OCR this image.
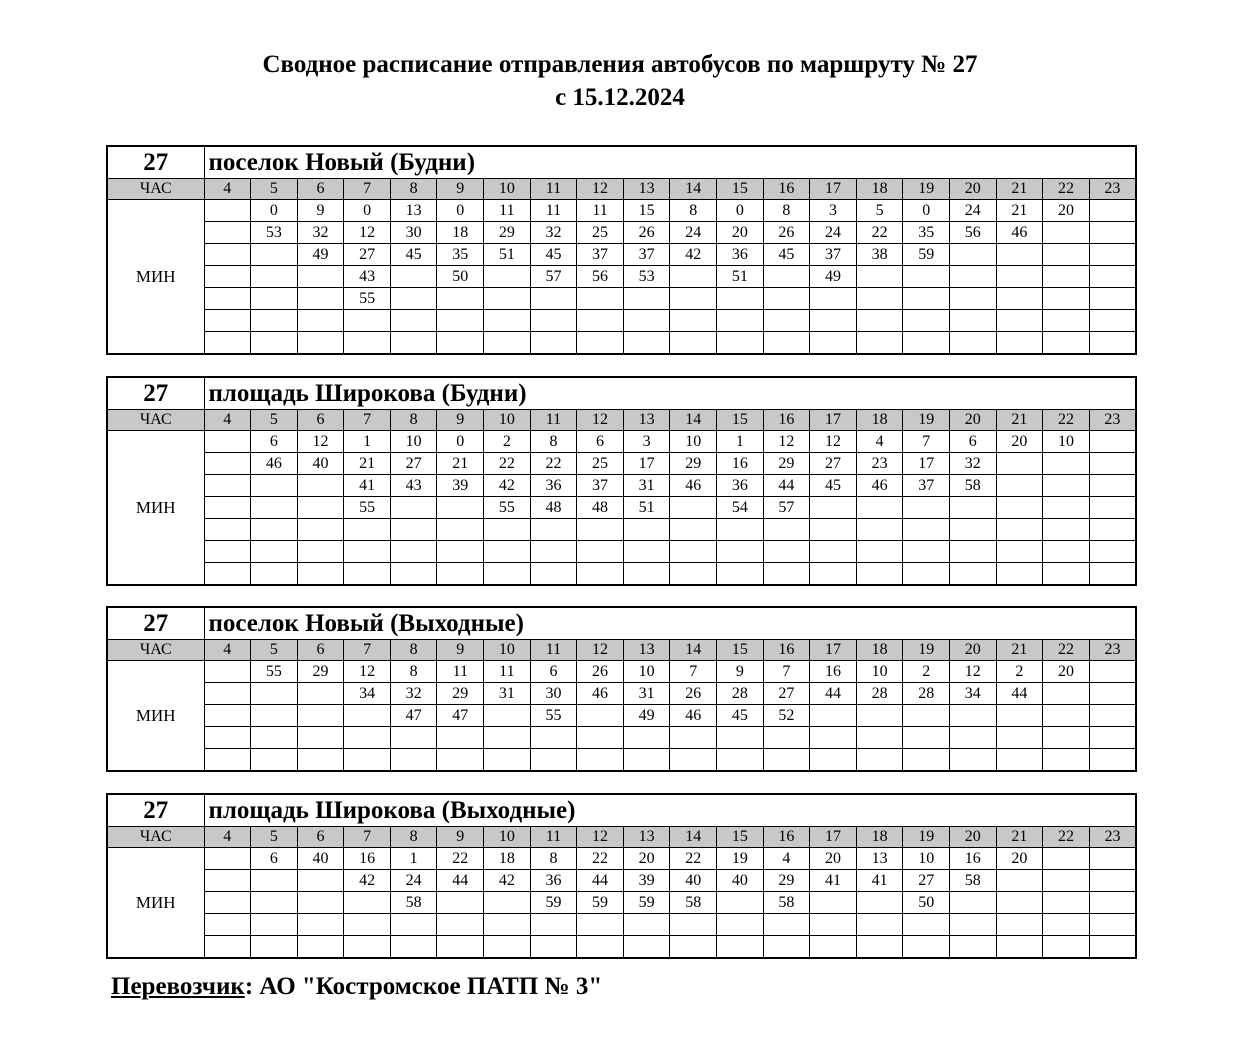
Сводное расписание отправления автобусов по маршруту № 27
с 15.12.2024
27	поселок Новый (Будни)																			
ЧАС	4	5	6	7	8	9	10	11	12	13	14	15	16	17	18	19	20	21	22	23
МИН		0	9	0	13	0	11	11	11	15	8	0	8	3	5	0	24	21	20	
		53	32	12	30	18	29	32	25	26	24	20	26	24	22	35	56	46		
			49	27	45	35	51	45	37	37	42	36	45	37	38	59				
				43		50		57	56	53		51		49						
				55																

27	площадь Широкова (Будни)																			
ЧАС	4	5	6	7	8	9	10	11	12	13	14	15	16	17	18	19	20	21	22	23
МИН		6	12	1	10	0	2	8	6	3	10	1	12	12	4	7	6	20	10	
		46	40	21	27	21	22	22	25	17	29	16	29	27	23	17	32			
				41	43	39	42	36	37	31	46	36	44	45	46	37	58			
				55			55	48	48	51		54	57							

27	поселок Новый (Выходные)																			
ЧАС	4	5	6	7	8	9	10	11	12	13	14	15	16	17	18	19	20	21	22	23
МИН		55	29	12	8	11	11	6	26	10	7	9	7	16	10	2	12	2	20	
				34	32	29	31	30	46	31	26	28	27	44	28	28	34	44		
					47	47		55		49	46	45	52							

27	площадь Широкова (Выходные)																			
ЧАС	4	5	6	7	8	9	10	11	12	13	14	15	16	17	18	19	20	21	22	23
МИН		6	40	16	1	22	18	8	22	20	22	19	4	20	13	10	16	20		
				42	24	44	42	36	44	39	40	40	29	41	41	27	58			
					58			59	59	59	58		58			50				

Перевозчик: АО "Костромское ПАТП № 3"
